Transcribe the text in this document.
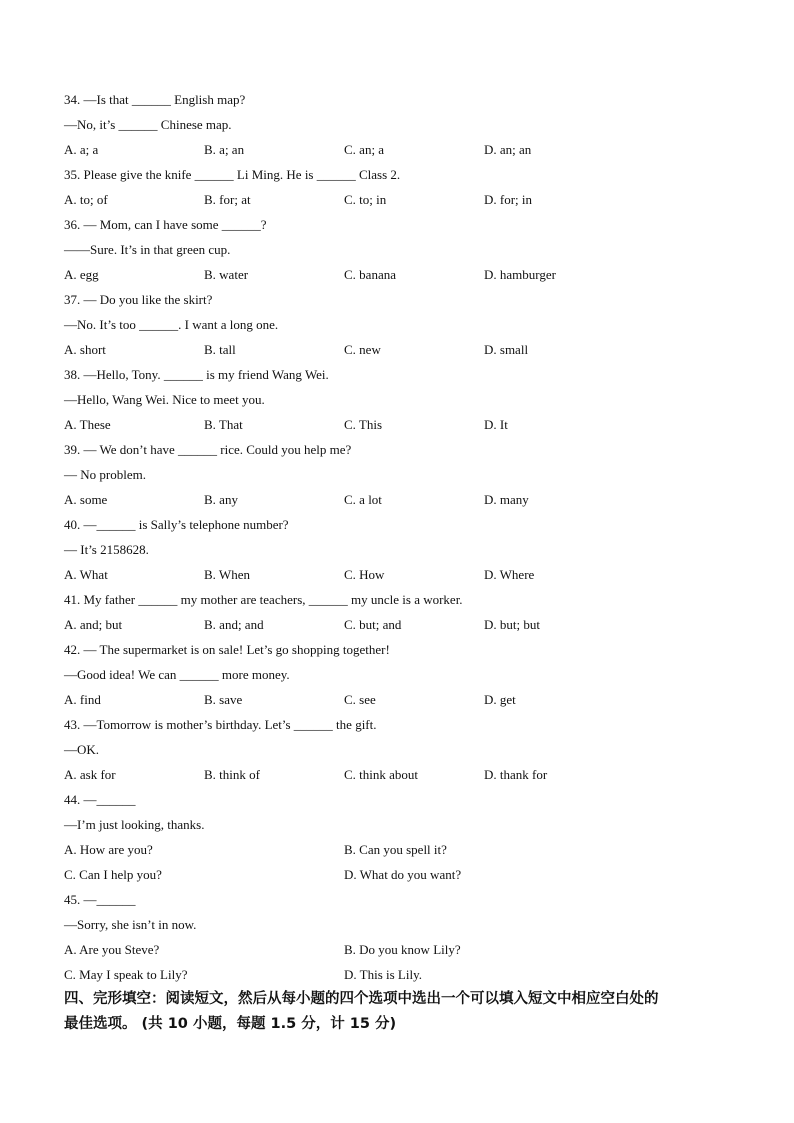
34. —Is that ______ English map?
—No, it’s ______ Chinese map.
A. a; a	B. a; an	C. an; a	D. an; an
35. Please give the knife ______ Li Ming. He is ______ Class 2.
A. to; of	B. for; at	C. to; in	D. for; in
36. — Mom, can I have some ______?
——Sure. It’s in that green cup.
A. egg	B. water	C. banana	D. hamburger
37. — Do you like the skirt?
—No. It’s too ______. I want a long one.
A. short	B. tall	C. new	D. small
38. —Hello, Tony. ______ is my friend Wang Wei.
—Hello, Wang Wei. Nice to meet you.
A. These	B. That	C. This	D. It
39. — We don’t have ______ rice. Could you help me?
— No problem.
A. some	B. any	C. a lot	D. many
40. —______ is Sally’s telephone number?
— It’s 2158628.
A. What	B. When	C. How	D. Where
41. My father ______ my mother are teachers, ______ my uncle is a worker.
A. and; but	B. and; and	C. but; and	D. but; but
42. — The supermarket is on sale! Let’s go shopping together!
—Good idea! We can ______ more money.
A. find	B. save	C. see	D. get
43. —Tomorrow is mother’s birthday. Let’s ______ the gift.
—OK.
A. ask for	B. think of	C. think about	D. thank for
44. —______
—I’m just looking, thanks.
A. How are you?	B. Can you spell it?
C. Can I help you?	D. What do you want?
45. —______
—Sorry, she isn’t in now.
A. Are you Steve?	B. Do you know Lily?
C. May I speak to Lily?	D. This is Lily.
四、完形填空：阅读短文，然后从每小题的四个选项中选出一个可以填入短文中相应空白处的
最佳选项。 (共 10 小题，每题 1.5 分，计 15 分)
